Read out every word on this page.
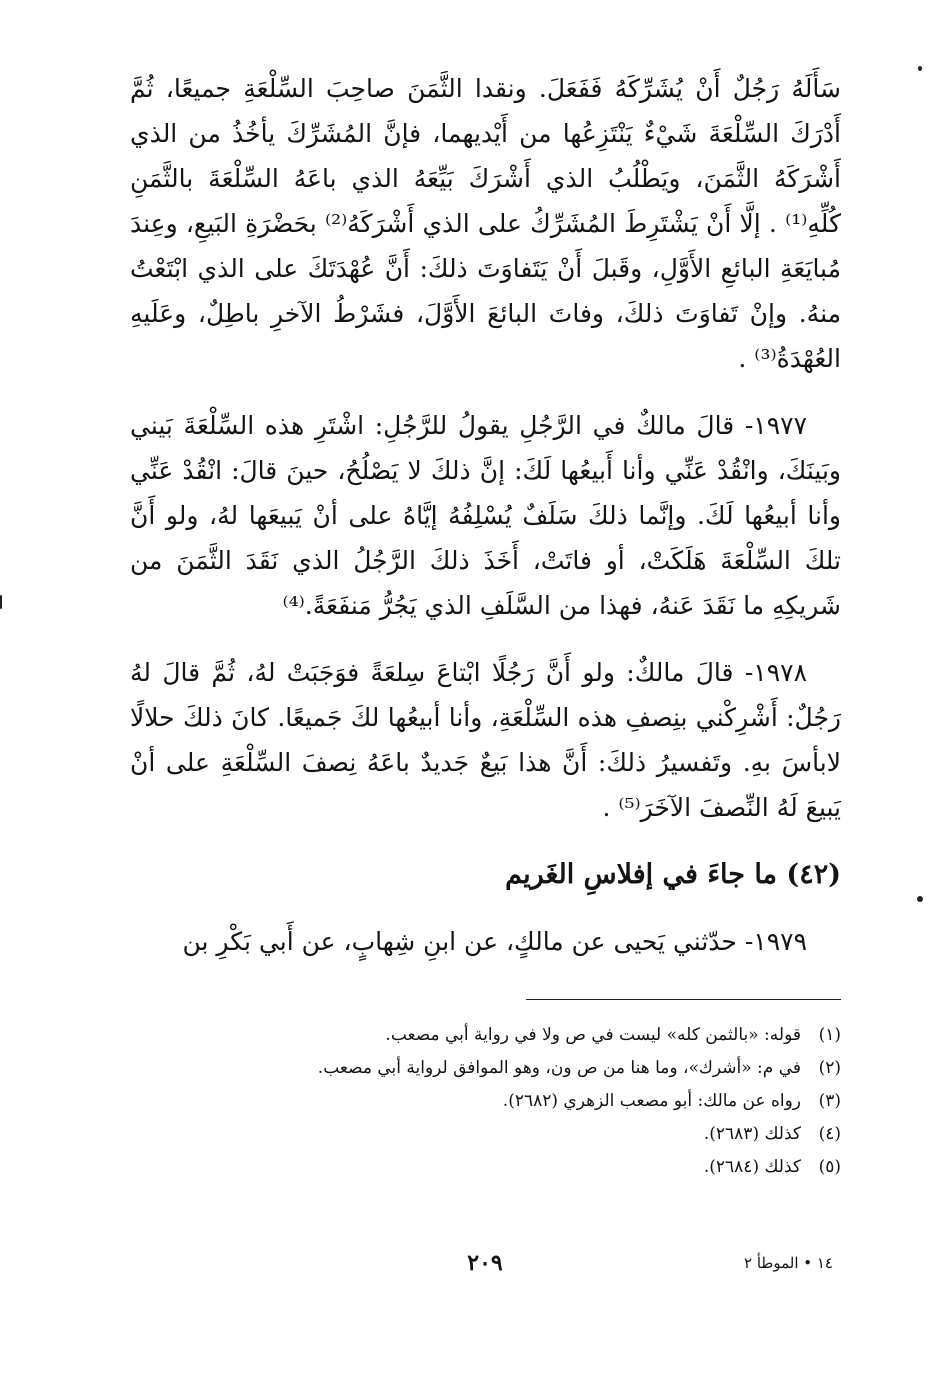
سَأَلَهُ رَجُلٌ أَنْ يُشَرِّكَهُ فَفَعَلَ. ونقدا الثَّمَنَ صاحِبَ السِّلْعَةِ جميعًا، ثُمَّ أَدْرَكَ السِّلْعَةَ شَيْءٌ يَنْتَزِعُها من أَيْديهما، فإنَّ المُشَرِّكَ يأخُذُ من الذي أَشْرَكَهُ الثَّمَنَ، ويَطْلُبُ الذي أَشْرَكَ بَيِّعَهُ الذي باعَهُ السِّلْعَةَ بالثَّمَنِ كُلِّهِ⁽¹⁾ . إلَّا أَنْ يَشْتَرِطَ المُشَرِّكُ على الذي أَشْرَكَهُ⁽²⁾ بحَضْرَةِ البَيعِ، وعِندَ مُبايَعَةِ البائعِ الأَوَّلِ، وقَبلَ أَنْ يَتَفاوَتَ ذلكَ: أَنَّ عُهْدَتَكَ على الذي ابْتَعْتُ منهُ. وإنْ تَفاوَتَ ذلكَ، وفاتَ البائعَ الأَوَّلَ، فشَرْطُ الآخرِ باطِلٌ، وعَلَيهِ العُهْدَةُ⁽³⁾ .

١٩٧٧- قالَ مالكٌ في الرَّجُلِ يقولُ للرَّجُلِ: اشْتَرِ هذه السِّلْعَةَ بَيني وبَينَكَ، وانْقُدْ عَنِّي وأنا أَبيعُها لَكَ: إنَّ ذلكَ لا يَصْلُحُ، حينَ قالَ: انْقُدْ عَنِّي وأنا أبيعُها لَكَ. وإنَّما ذلكَ سَلَفٌ يُسْلِفُهُ إيَّاهُ على أنْ يَبيعَها لهُ، ولو أَنَّ تلكَ السِّلْعَةَ هَلَكَتْ، أو فاتَتْ، أَخَذَ ذلكَ الرَّجُلُ الذي نَقَدَ الثَّمَنَ من شَريكِهِ ما نَقَدَ عَنهُ، فهذا من السَّلَفِ الذي يَجُرُّ مَنفَعَةً.⁽⁴⁾

١٩٧٨- قالَ مالكٌ: ولو أَنَّ رَجُلًا ابْتاعَ سِلعَةً فوَجَبَتْ لهُ، ثُمَّ قالَ لهُ رَجُلٌ: أَشْرِكْني بنِصفِ هذه السِّلْعَةِ، وأنا أبيعُها لكَ جَميعًا. كانَ ذلكَ حلالًا لابأسَ بهِ. وتَفسيرُ ذلكَ: أَنَّ هذا بَيعٌ جَديدٌ باعَهُ نِصفَ السِّلْعَةِ على أنْ يَبيعَ لَهُ النِّصفَ الآخَرَ⁽⁵⁾ .

(٤٢) ما جاءَ في إفلاسِ الغَريم

١٩٧٩- حدّثني يَحيى عن مالكٍ، عن ابنِ شِهابٍ، عن أَبي بَكْرِ بن

(١)قوله: «بالثمن كله» ليست في ص ولا في رواية أبي مصعب.
(٢)في م: «أشرك»، وما هنا من ص ون، وهو الموافق لرواية أبي مصعب.
(٣)رواه عن مالك: أبو مصعب الزهري (٢٦٨٢).
(٤)كذلك (٢٦٨٣).
(٥)كذلك (٢٦٨٤).
٢٠٩	١٤ • الموطأ ٢
